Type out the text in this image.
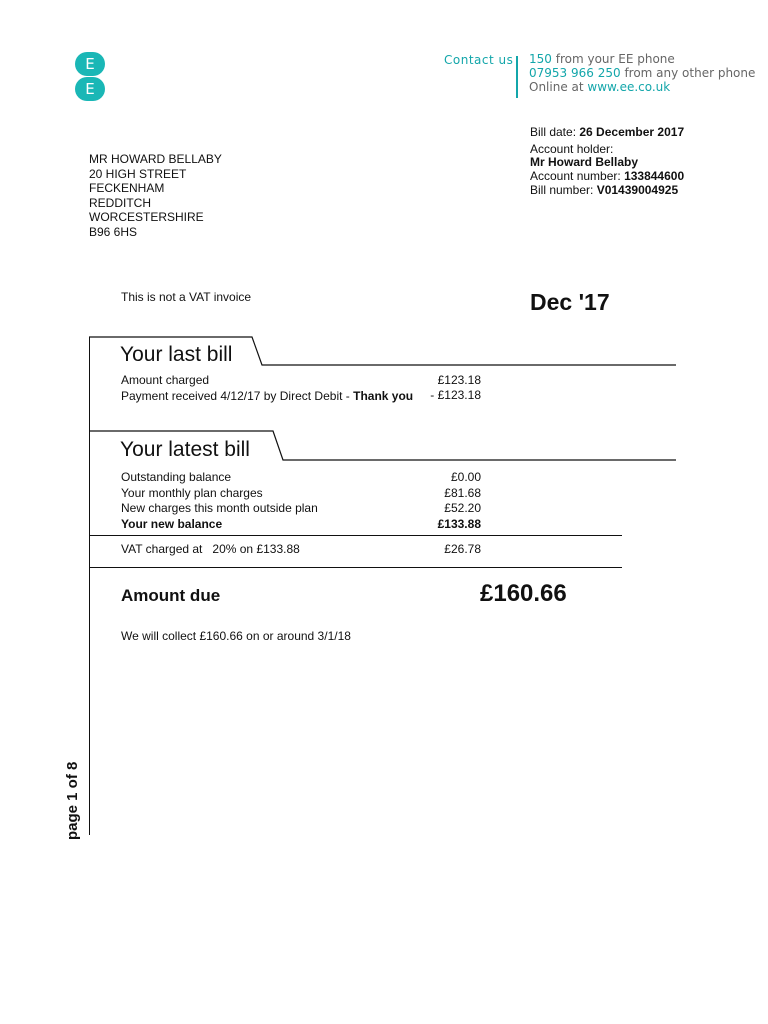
E
E
Contact us 150 from your EE phone
07953 966 250 from any other phone
Online at www.ee.co.uk
Bill date: 26 December 2017
Account holder:
Mr Howard Bellaby
Account number: 133844600
Bill number: V01439004925
MR HOWARD BELLABY
20 HIGH STREET
FECKENHAM
REDDITCH
WORCESTERSHIRE
B96 6HS
This is not a VAT invoice	Dec '17
Your last bill
Amount charged	£123.18
Payment received 4/12/17 by Direct Debit - Thank you	- £123.18
Your latest bill
Outstanding balance	£0.00
Your monthly plan charges	£81.68
New charges this month outside plan	£52.20
Your new balance	£133.88
VAT charged at 20% on £133.88	£26.78
Amount due	£160.66
We will collect £160.66 on or around 3/1/18
page 1 of 8
